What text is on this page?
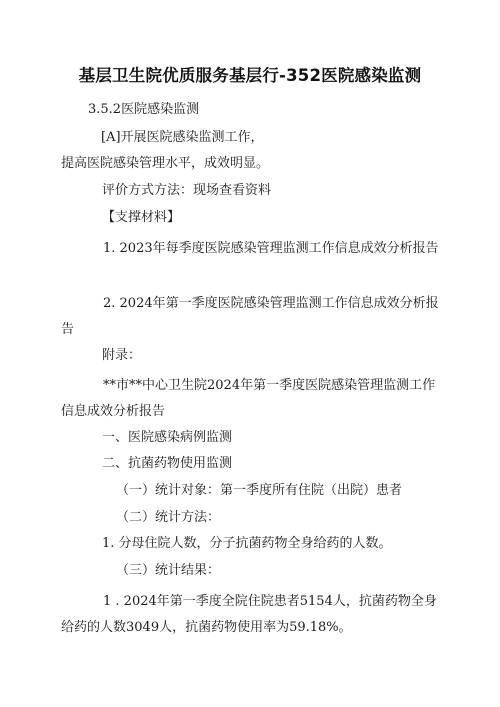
基层卫生院优质服务基层行-352医院感染监测
3.5.2医院感染监测
[A]开展医院感染监测工作，
提高医院感染管理水平，成效明显。
评价方式方法：现场查看资料
【支撑材料】
1. 2023年每季度医院感染管理监测工作信息成效分析报告
2. 2024年第一季度医院感染管理监测工作信息成效分析报告
附录：
**市**中心卫生院2024年第一季度医院感染管理监测工作信息成效分析报告
一、医院感染病例监测
二、抗菌药物使用监测
（一）统计对象：第一季度所有住院（出院）患者
（二）统计方法：
1. 分母住院人数，分子抗菌药物全身给药的人数。
（三）统计结果：
1 . 2024年第一季度全院住院患者5154人，抗菌药物全身给药的人数3049人，抗菌药物使用率为59.18%。
